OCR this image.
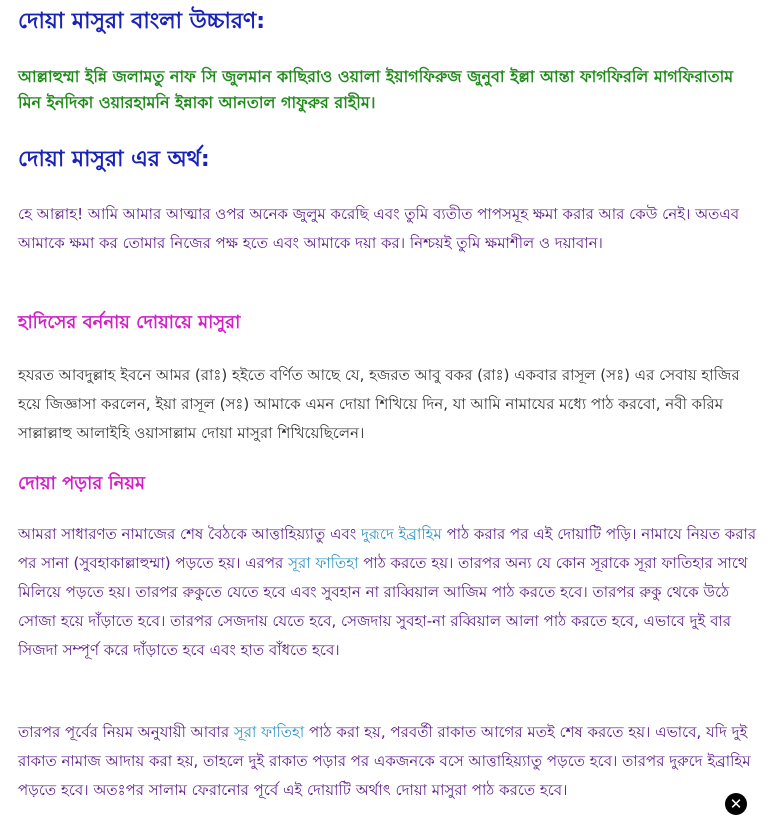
দোয়া মাসুরা বাংলা উচ্চারণ:

আল্লাহুম্মা ইন্নি জলামতু নাফ সি জুলমান কাছিরাও ওয়ালা ইয়াগফিরুজ জুনুবা ইল্লা আন্তা ফাগফিরলি মাগফিরাতাম মিন ইনদিকা ওয়ারহামনি ইন্নাকা আনতাল গাফুরুর রাহীম।

দোয়া মাসুরা এর অর্থ:

হে আল্লাহ! আমি আমার আত্মার ওপর অনেক জুলুম করেছি এবং তুমি ব্যতীত পাপসমূহ ক্ষমা করার আর কেউ নেই। অতএব আমাকে ক্ষমা কর তোমার নিজের পক্ষ হতে এবং আমাকে দয়া কর। নিশ্চয়ই তুমি ক্ষমাশীল ও দয়াবান।

হাদিসের বর্ননায় দোয়ায়ে মাসুরা

হযরত আবদুল্লাহ ইবনে আমর (রাঃ) হইতে বর্ণিত আছে যে, হজরত আবু বকর (রাঃ) একবার রাসূল (সঃ) এর সেবায় হাজির হয়ে জিজ্ঞাসা করলেন, ইয়া রাসূল (সঃ) আমাকে এমন দোয়া শিখিয়ে দিন, যা আমি নামাযের মধ্যে পাঠ করবো, নবী করিম সাল্লাল্লাহু আলাইহি ওয়াসাল্লাম দোয়া মাসুরা শিখিয়েছিলেন।

দোয়া পড়ার নিয়ম

আমরা সাধারণত নামাজের শেষ বৈঠকে আত্তাহিয়্যাতু এবং দুরূদে ইব্রাহিম পাঠ করার পর এই দোয়াটি পড়ি। নামাযে নিয়ত করার পর সানা (সুবহাকাল্লাহুম্মা) পড়তে হয়। এরপর সূরা ফাতিহা পাঠ করতে হয়। তারপর অন্য যে কোন সূরাকে সূরা ফাতিহার সাথে মিলিয়ে পড়তে হয়। তারপর রুকুতে যেতে হবে এবং সুবহান না রাব্বিয়াল আজিম পাঠ করতে হবে। তারপর রুকু থেকে উঠে সোজা হয়ে দাঁড়াতে হবে। তারপর সেজদায় যেতে হবে, সেজদায় সুবহা-না রব্বিয়াল আলা পাঠ করতে হবে, এভাবে দুই বার সিজদা সম্পূর্ণ করে দাঁড়াতে হবে এবং হাত বাঁধতে হবে।

তারপর পূর্বের নিয়ম অনুযায়ী আবার সূরা ফাতিহা পাঠ করা হয়, পরবর্তী রাকাত আগের মতই শেষ করতে হয়। এভাবে, যদি দুই রাকাত নামাজ আদায় করা হয়, তাহলে দুই রাকাত পড়ার পর একজনকে বসে আত্তাহিয়্যাতু পড়তে হবে। তারপর দুরুদে ইব্রাহিম পড়তে হবে। অতঃপর সালাম ফেরানোর পূর্বে এই দোয়াটি অর্থাৎ দোয়া মাসুরা পাঠ করতে হবে।

✕
